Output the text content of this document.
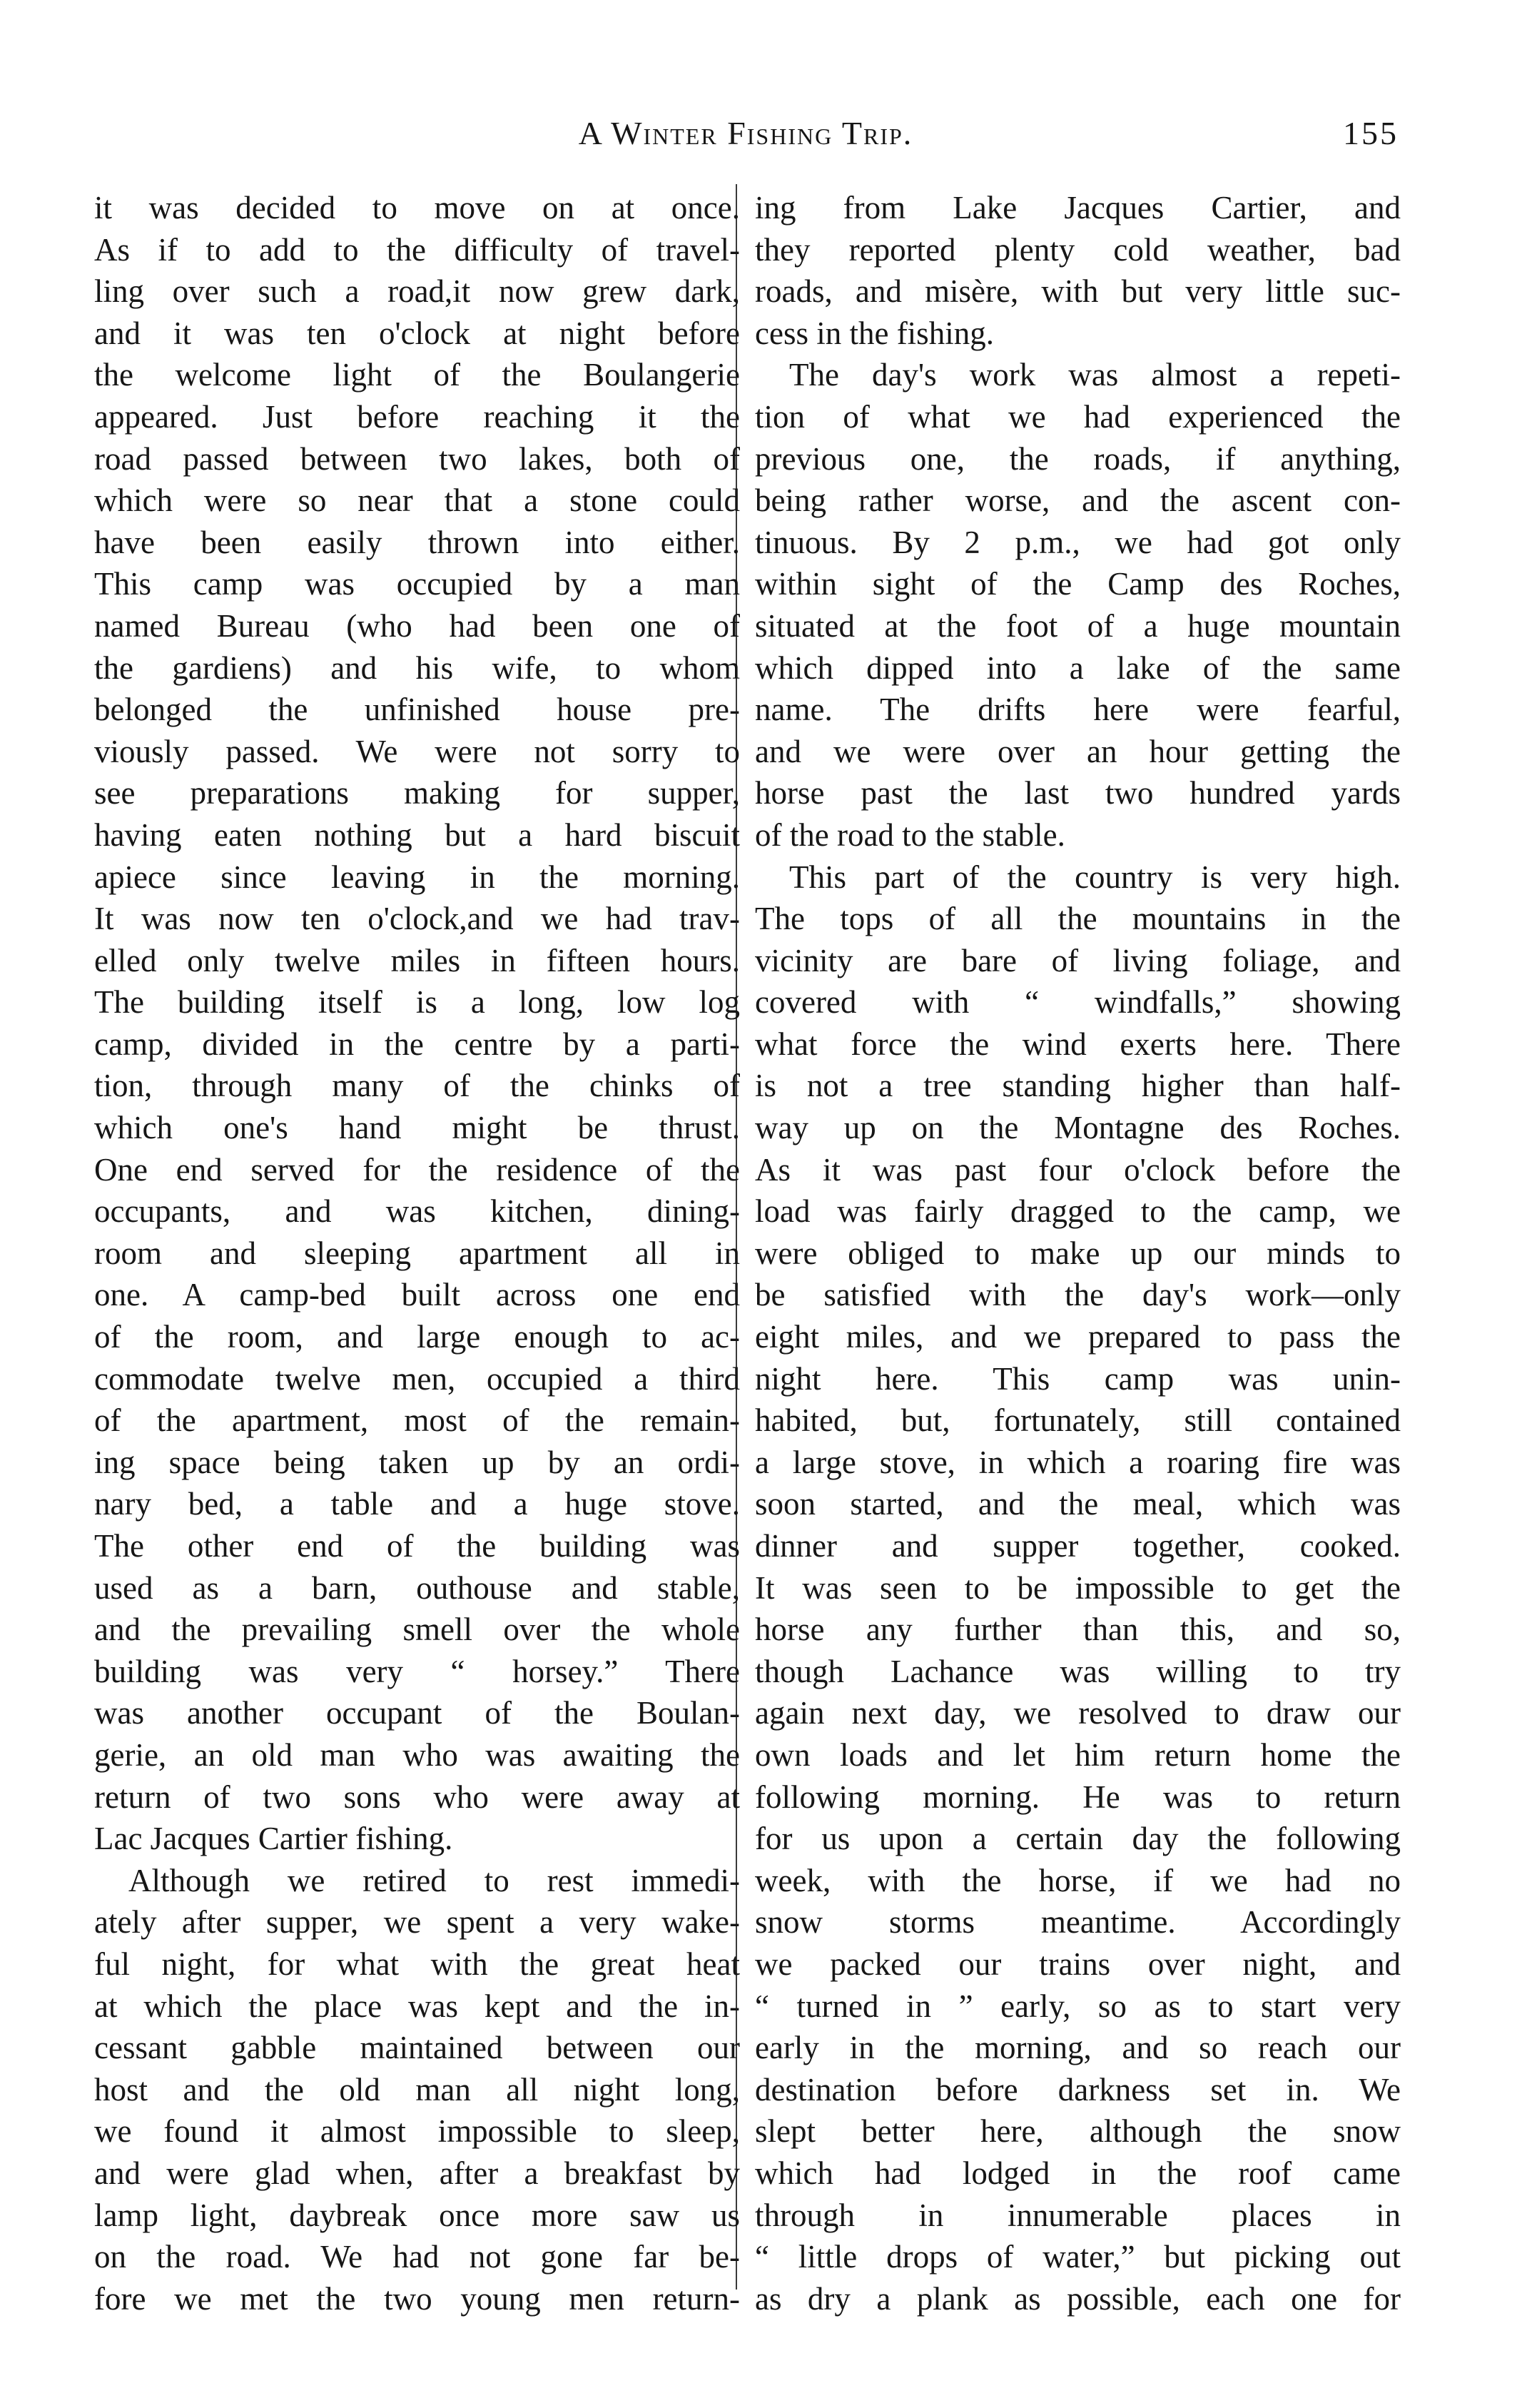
A Winter Fishing Trip.	155
it was decided to move on at once.
As if to add to the difficulty of travel-
ling over such a road,it now grew dark,
and it was ten o'clock at night before
the welcome light of the Boulangerie
appeared. Just before reaching it the
road passed between two lakes, both of
which were so near that a stone could
have been easily thrown into either.
This camp was occupied by a man
named Bureau (who had been one of
the gardiens) and his wife, to whom
belonged the unfinished house pre-
viously passed. We were not sorry to
see preparations making for supper,
having eaten nothing but a hard biscuit
apiece since leaving in the morning.
It was now ten o'clock,and we had trav-
elled only twelve miles in fifteen hours.
The building itself is a long, low log
camp, divided in the centre by a parti-
tion, through many of the chinks of
which one's hand might be thrust.
One end served for the residence of the
occupants, and was kitchen, dining-
room and sleeping apartment all in
one. A camp-bed built across one end
of the room, and large enough to ac-
commodate twelve men, occupied a third
of the apartment, most of the remain-
ing space being taken up by an ordi-
nary bed, a table and a huge stove.
The other end of the building was
used as a barn, outhouse and stable,
and the prevailing smell over the whole
building was very “ horsey.” There
was another occupant of the Boulan-
gerie, an old man who was awaiting the
return of two sons who were away at
Lac Jacques Cartier fishing.
Although we retired to rest immedi-
ately after supper, we spent a very wake-
ful night, for what with the great heat
at which the place was kept and the in-
cessant gabble maintained between our
host and the old man all night long,
we found it almost impossible to sleep,
and were glad when, after a breakfast by
lamp light, daybreak once more saw us
on the road. We had not gone far be-
fore we met the two young men return-
ing from Lake Jacques Cartier, and
they reported plenty cold weather, bad
roads, and misère, with but very little suc-
cess in the fishing.
The day's work was almost a repeti-
tion of what we had experienced the
previous one, the roads, if anything,
being rather worse, and the ascent con-
tinuous. By 2 p.m., we had got only
within sight of the Camp des Roches,
situated at the foot of a huge mountain
which dipped into a lake of the same
name. The drifts here were fearful,
and we were over an hour getting the
horse past the last two hundred yards
of the road to the stable.
This part of the country is very high.
The tops of all the mountains in the
vicinity are bare of living foliage, and
covered with “ windfalls,” showing
what force the wind exerts here. There
is not a tree standing higher than half-
way up on the Montagne des Roches.
As it was past four o'clock before the
load was fairly dragged to the camp, we
were obliged to make up our minds to
be satisfied with the day's work—only
eight miles, and we prepared to pass the
night here. This camp was unin-
habited, but, fortunately, still contained
a large stove, in which a roaring fire was
soon started, and the meal, which was
dinner and supper together, cooked.
It was seen to be impossible to get the
horse any further than this, and so,
though Lachance was willing to try
again next day, we resolved to draw our
own loads and let him return home the
following morning. He was to return
for us upon a certain day the following
week, with the horse, if we had no
snow storms meantime. Accordingly
we packed our trains over night, and
“ turned in ” early, so as to start very
early in the morning, and so reach our
destination before darkness set in. We
slept better here, although the snow
which had lodged in the roof came
through in innumerable places in
“ little drops of water,” but picking out
as dry a plank as possible, each one for
